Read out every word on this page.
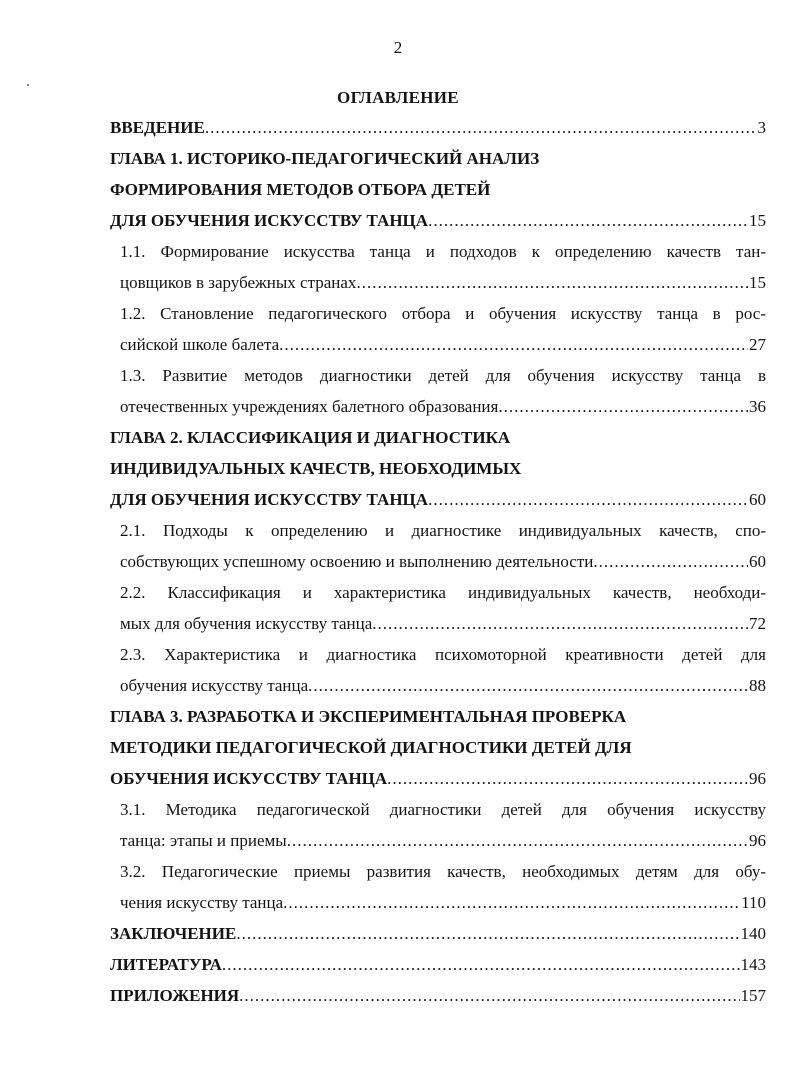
2
ОГЛАВЛЕНИЕ
ВВЕДЕНИЕ .....	3
ГЛАВА 1. ИСТОРИКО-ПЕДАГОГИЧЕСКИЙ АНАЛИЗ
ФОРМИРОВАНИЯ МЕТОДОВ ОТБОРА ДЕТЕЙ
ДЛЯ ОБУЧЕНИЯ ИСКУССТВУ ТАНЦА .....	15
1.1. Формирование искусства танца и подходов к определению качеств тан-
цовщиков в зарубежных странах .....	15
1.2. Становление педагогического отбора и обучения искусству танца в рос-
сийской школе балета .....	27
1.3. Развитие методов диагностики детей для обучения искусству танца в
отечественных учреждениях балетного образования .....	36
ГЛАВА 2. КЛАССИФИКАЦИЯ И ДИАГНОСТИКА
ИНДИВИДУАЛЬНЫХ КАЧЕСТВ, НЕОБХОДИМЫХ
ДЛЯ ОБУЧЕНИЯ ИСКУССТВУ ТАНЦА .....	60
2.1. Подходы к определению и диагностике индивидуальных качеств, спо-
собствующих успешному освоению и выполнению деятельности .....	60
2.2. Классификация и характеристика индивидуальных качеств, необходи-
мых для обучения искусству танца .....	72
2.3. Характеристика и диагностика психомоторной креативности детей для
обучения искусству танца .....	88
ГЛАВА 3. РАЗРАБОТКА И ЭКСПЕРИМЕНТАЛЬНАЯ ПРОВЕРКА
МЕТОДИКИ ПЕДАГОГИЧЕСКОЙ ДИАГНОСТИКИ ДЕТЕЙ ДЛЯ
ОБУЧЕНИЯ ИСКУССТВУ ТАНЦА .....	96
3.1. Методика педагогической диагностики детей для обучения искусству
танца: этапы и приемы .....	96
3.2. Педагогические приемы развития качеств, необходимых детям для обу-
чения искусству танца .....	110
ЗАКЛЮЧЕНИЕ .....	140
ЛИТЕРАТУРА .....	143
ПРИЛОЖЕНИЯ .....	157
